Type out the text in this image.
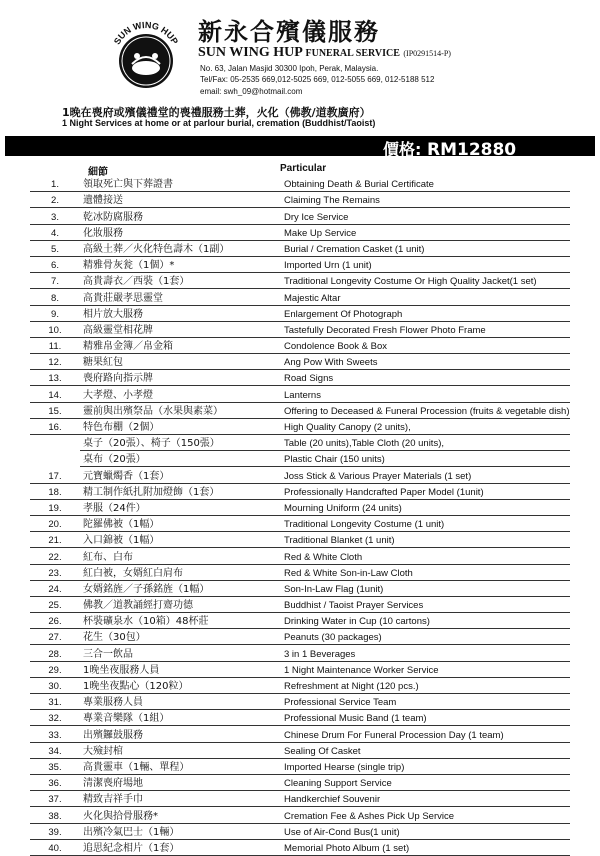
SUN WING HUP 新永合殯儀服務
SUN WING HUP FUNERAL SERVICE (IP0291514-P)
No. 63, Jalan Masjid 30300 Ipoh, Perak, Malaysia.
Tel/Fax: 05-2535 669,012-5025 669, 012-5055 669, 012-5188 512
email: swh_09@hotmail.com
1晚在喪府或殯儀禮堂的喪禮服務土葬，火化（佛教/道教廣府）
1 Night Services at home or at parlour burial, cremation (Buddhist/Taoist)
價格: RM12880
細節	Particular
1.	領取死亡與下葬證書	Obtaining Death & Burial Certificate
2.	遺體接送	Claiming The Remains
3.	乾冰防腐服務	Dry Ice Service
4.	化妝服務	Make Up Service
5.	高級土葬／火化特色壽木（1副）	Burial / Cremation Casket (1 unit)
6.	精雅骨灰瓮（1個）*	Imported Urn (1 unit)
7.	高貴壽衣／西裝（1套）	Traditional Longevity Costume Or High Quality Jacket(1 set)
8.	高貴莊嚴孝思靈堂	Majestic Altar
9.	相片放大服務	Enlargement Of Photograph
10.	高級靈堂相花牌	Tastefully Decorated Fresh Flower Photo Frame
11.	精雅帛金簿／帛金箱	Condolence Book & Box
12.	糖果紅包	Ang Pow With Sweets
13.	喪府路向指示牌	Road Signs
14.	大孝燈、小孝燈	Lanterns
15.	靈前與出殯祭品（水果與素菜）	Offering to Deceased & Funeral Procession (fruits & vegetable dish)
16.	特色布棚（2個）	High Quality Canopy (2 units),
	桌子（20張）、椅子（150張）	Table (20 units),Table Cloth (20 units),
	桌布（20張）	Plastic Chair (150 units)
17.	元寶蠟燭香（1套）	Joss Stick & Various Prayer Materials (1 set)
18.	精工制作紙扎附加燈飾（1套）	Professionally Handcrafted Paper Model (1unit)
19.	孝服（24件）	Mourning Uniform (24 units)
20.	陀羅佛被（1幅）	Traditional Longevity Costume (1 unit)
21.	入口錦被（1幅）	Traditional Blanket (1 unit)
22.	紅布、白布	Red & White Cloth
23.	紅白被，女婿紅白肩布	Red & White Son-in-Law Cloth
24.	女婿銘旌／子孫銘旌（1幅）	Son-In-Law Flag (1unit)
25.	佛教／道教誦經打齋功德	Buddhist / Taoist Prayer Services
26.	杯裝礦泉水（10箱）48杯莊	Drinking Water in Cup (10 cartons)
27.	花生（30包）	Peanuts (30 packages)
28.	三合一飲品	3 in 1 Beverages
29.	1晚坐夜服務人員	1 Night Maintenance Worker Service
30.	1晚坐夜點心（120粒）	Refreshment at Night (120 pcs.)
31.	專業服務人員	Professional Service Team
32.	專業音樂隊（1組）	Professional Music Band (1 team)
33.	出殯鑼鼓服務	Chinese Drum For Funeral Procession Day (1 team)
34.	大殮封棺	Sealing Of Casket
35.	高貴靈車（1輛、單程）	Imported Hearse (single trip)
36.	清潔喪府場地	Cleaning Support Service
37.	精致吉祥手巾	Handkerchief Souvenir
38.	火化與拾骨服務*	Cremation Fee & Ashes Pick Up Service
39.	出殯冷氣巴士（1輛）	Use of Air-Cond Bus(1 unit)
40.	追思紀念相片（1套）	Memorial Photo Album (1 set)
